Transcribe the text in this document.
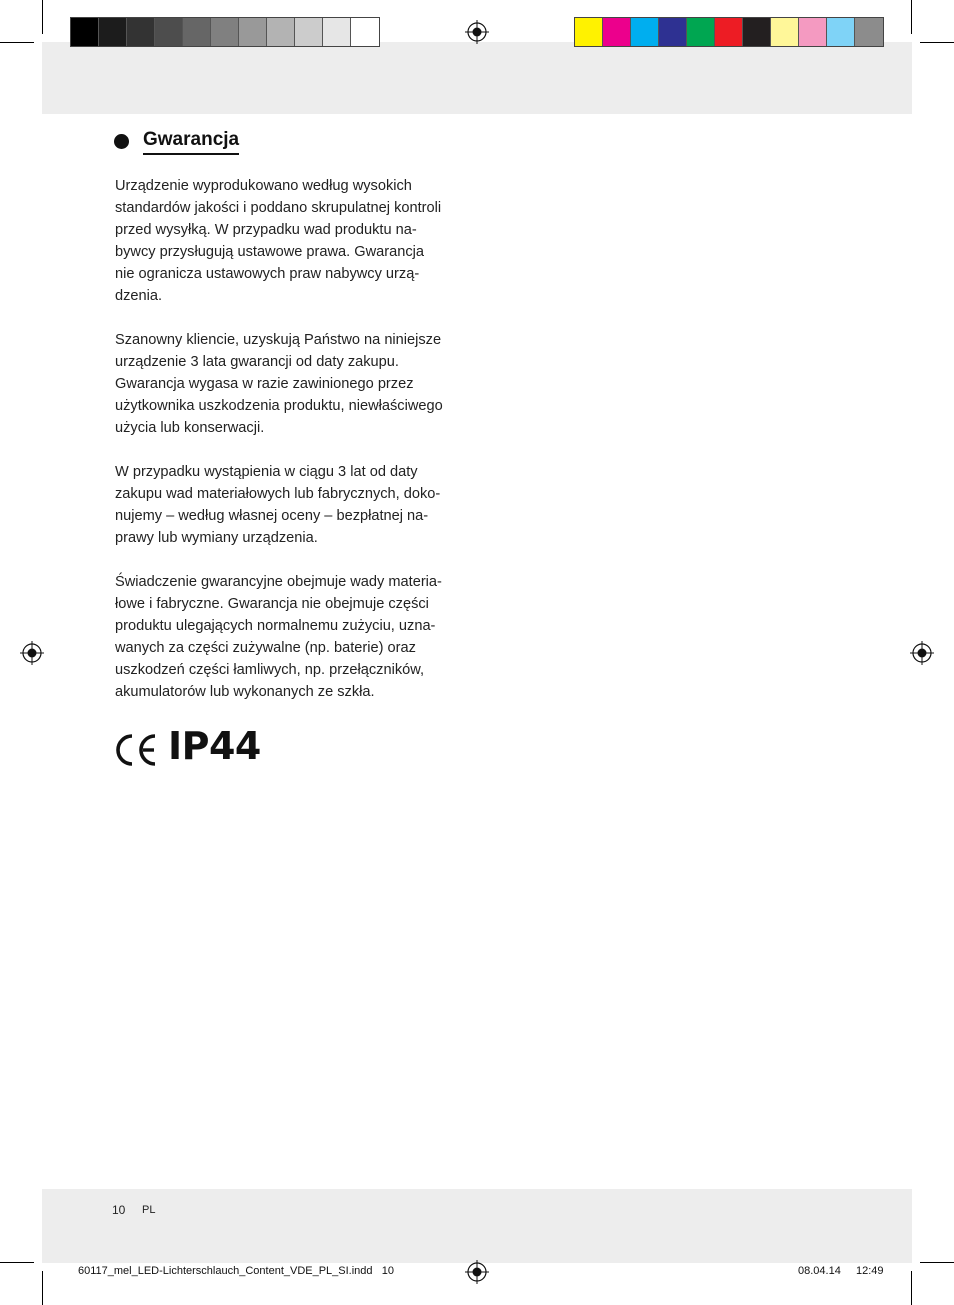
Gwarancja

Urządzenie wyprodukowano według wysokich
standardów jakości i poddano skrupulatnej kontroli
przed wysyłką. W przypadku wad produktu na-
bywcy przysługują ustawowe prawa. Gwarancja
nie ogranicza ustawowych praw nabywcy urzą-
dzenia.

Szanowny kliencie, uzyskują Państwo na niniejsze
urządzenie 3 lata gwarancji od daty zakupu.
Gwarancja wygasa w razie zawinionego przez
użytkownika uszkodzenia produktu, niewłaściwego
użycia lub konserwacji.

W przypadku wystąpienia w ciągu 3 lat od daty
zakupu wad materiałowych lub fabrycznych, doko-
nujemy – według własnej oceny – bezpłatnej na-
prawy lub wymiany urządzenia.

Świadczenie gwarancyjne obejmuje wady materia-
łowe i fabryczne. Gwarancja nie obejmuje części
produktu ulegających normalnemu zużyciu, uzna-
wanych za części zużywalne (np. baterie) oraz
uszkodzeń części łamliwych, np. przełączników,
akumulatorów lub wykonanych ze szkła.

IP44
10 PL
60117_mel_LED-Lichterschlauch_Content_VDE_PL_SI.indd   10	08.04.14 12:49
